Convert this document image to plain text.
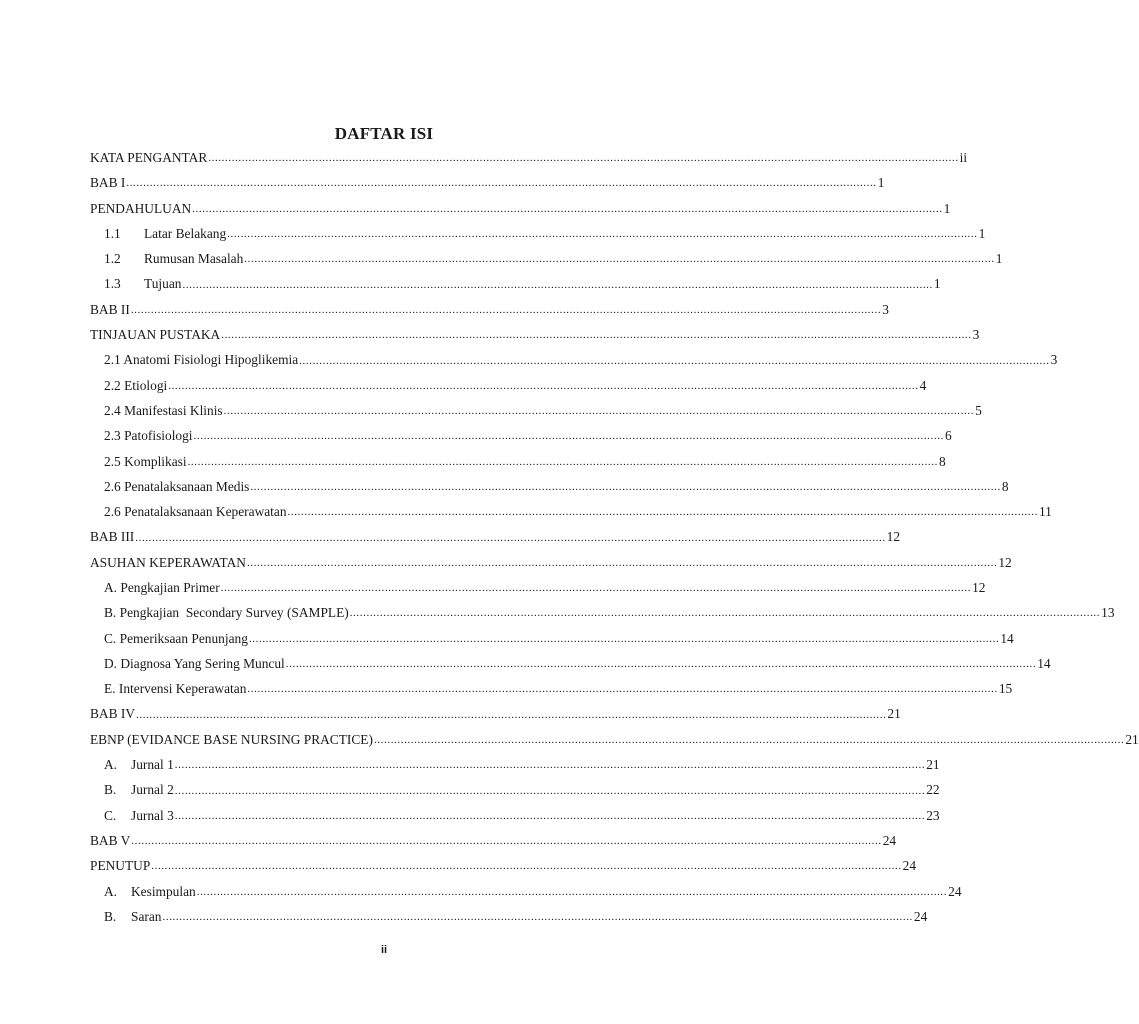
DAFTAR ISI
KATA PENGANTAR ................................................................................................................................................................................................................................ ii
BAB I ................................................................................................................................................................................................................................ 1
PENDAHULUAN ................................................................................................................................................................................................................................ 1
1.1	Latar Belakang ................................................................................................................................................................................................................................ 1
1.2	Rumusan Masalah ................................................................................................................................................................................................................................ 1
1.3	Tujuan ................................................................................................................................................................................................................................ 1
BAB II ................................................................................................................................................................................................................................ 3
TINJAUAN PUSTAKA ................................................................................................................................................................................................................................ 3
2.1 Anatomi Fisiologi Hipoglikemia ................................................................................................................................................................................................................................ 3
2.2 Etiologi ................................................................................................................................................................................................................................ 4
2.4 Manifestasi Klinis ................................................................................................................................................................................................................................ 5
2.3 Patofisiologi ................................................................................................................................................................................................................................ 6
2.5 Komplikasi ................................................................................................................................................................................................................................ 8
2.6 Penatalaksanaan Medis ................................................................................................................................................................................................................................ 8
2.6 Penatalaksanaan Keperawatan ................................................................................................................................................................................................................................ 11
BAB III ................................................................................................................................................................................................................................ 12
ASUHAN KEPERAWATAN ................................................................................................................................................................................................................................ 12
A. Pengkajian Primer ................................................................................................................................................................................................................................ 12
B. Pengkajian  Secondary Survey (SAMPLE) ................................................................................................................................................................................................................................ 13
C. Pemeriksaan Penunjang ................................................................................................................................................................................................................................ 14
D. Diagnosa Yang Sering Muncul ................................................................................................................................................................................................................................ 14
E. Intervensi Keperawatan ................................................................................................................................................................................................................................ 15
BAB IV ................................................................................................................................................................................................................................ 21
EBNP (EVIDANCE BASE NURSING PRACTICE) ................................................................................................................................................................................................................................ 21
A.	Jurnal 1 ................................................................................................................................................................................................................................ 21
B.	Jurnal 2 ................................................................................................................................................................................................................................ 22
C.	Jurnal 3 ................................................................................................................................................................................................................................ 23
BAB V ................................................................................................................................................................................................................................ 24
PENUTUP ................................................................................................................................................................................................................................ 24
A.	Kesimpulan ................................................................................................................................................................................................................................ 24
B.	Saran ................................................................................................................................................................................................................................ 24
ii
